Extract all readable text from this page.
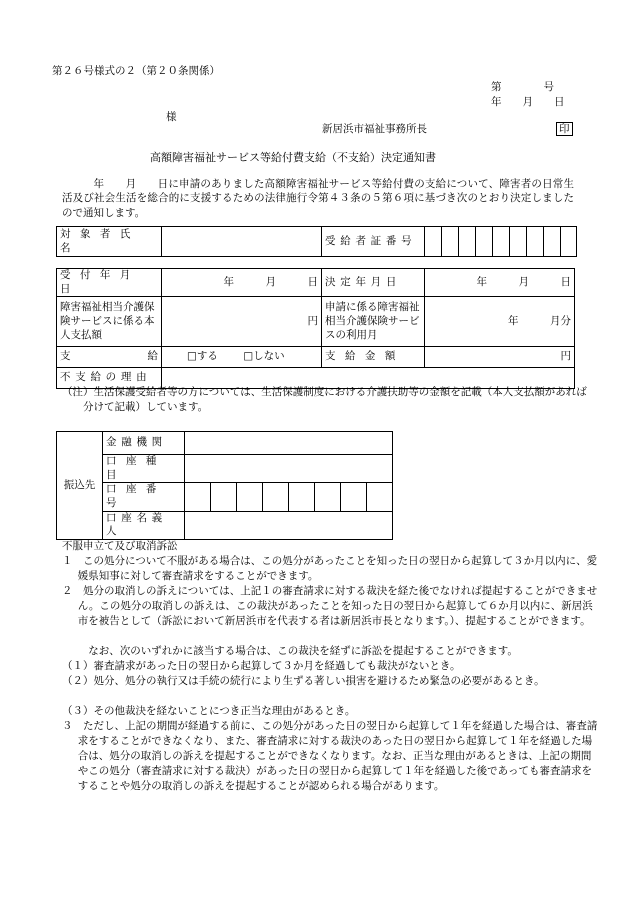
第２６号様式の２（第２０条関係）
第　　　　号
年　　月　　日
様
新居浜市福祉事務所長	印
高額障害福祉サービス等給付費支給（不支給）決定通知書
年　　月　　日に申請のありました高額障害福祉サービス等給付費の支給について、障害者の日常生活及び社会生活を総合的に支援するための法律施行令第４３条の５第６項に基づき次のとおり決定しましたので通知します。
対象者氏名		受給者証番号									
受付年月日	年　　　月　　　日	決定年月日	年　　　月　　　日
障害福祉相当介護保険サービスに係る本人支払額	円	申請に係る障害福祉相当介護保険サービスの利用月	年　　　月分
支給	□する □しない	支給金額	円
不支給の理由			
（注）生活保護受給者等の方については、生活保護制度における介護扶助等の金額を記載（本人支払額があれば分けて記載）しています。
振込先	金融機関								
	口座種目								
	口座番号								
	口座名義人								
不服申立て及び取消訴訟
１　この処分について不服がある場合は、この処分があったことを知った日の翌日から起算して３か月以内に、愛媛県知事に対して審査請求をすることができます。
２　処分の取消しの訴えについては、上記１の審査請求に対する裁決を経た後でなければ提起することができません。この処分の取消しの訴えは、この裁決があったことを知った日の翌日から起算して６か月以内に、新居浜市を被告として（訴訟において新居浜市を代表する者は新居浜市長となります。）、提起することができます。
なお、次のいずれかに該当する場合は、この裁決を経ずに訴訟を提起することができます。
（１）審査請求があった日の翌日から起算して３か月を経過しても裁決がないとき。
（２）処分、処分の執行又は手続の続行により生ずる著しい損害を避けるため緊急の必要があるとき。
（３）その他裁決を経ないことにつき正当な理由があるとき。
３　ただし、上記の期間が経過する前に、この処分があった日の翌日から起算して１年を経過した場合は、審査請求をすることができなくなり、また、審査請求に対する裁決のあった日の翌日から起算して１年を経過した場合は、処分の取消しの訴えを提起することができなくなります。なお、正当な理由があるときは、上記の期間やこの処分（審査請求に対する裁決）があった日の翌日から起算して１年を経過した後であっても審査請求をすることや処分の取消しの訴えを提起することが認められる場合があります。
